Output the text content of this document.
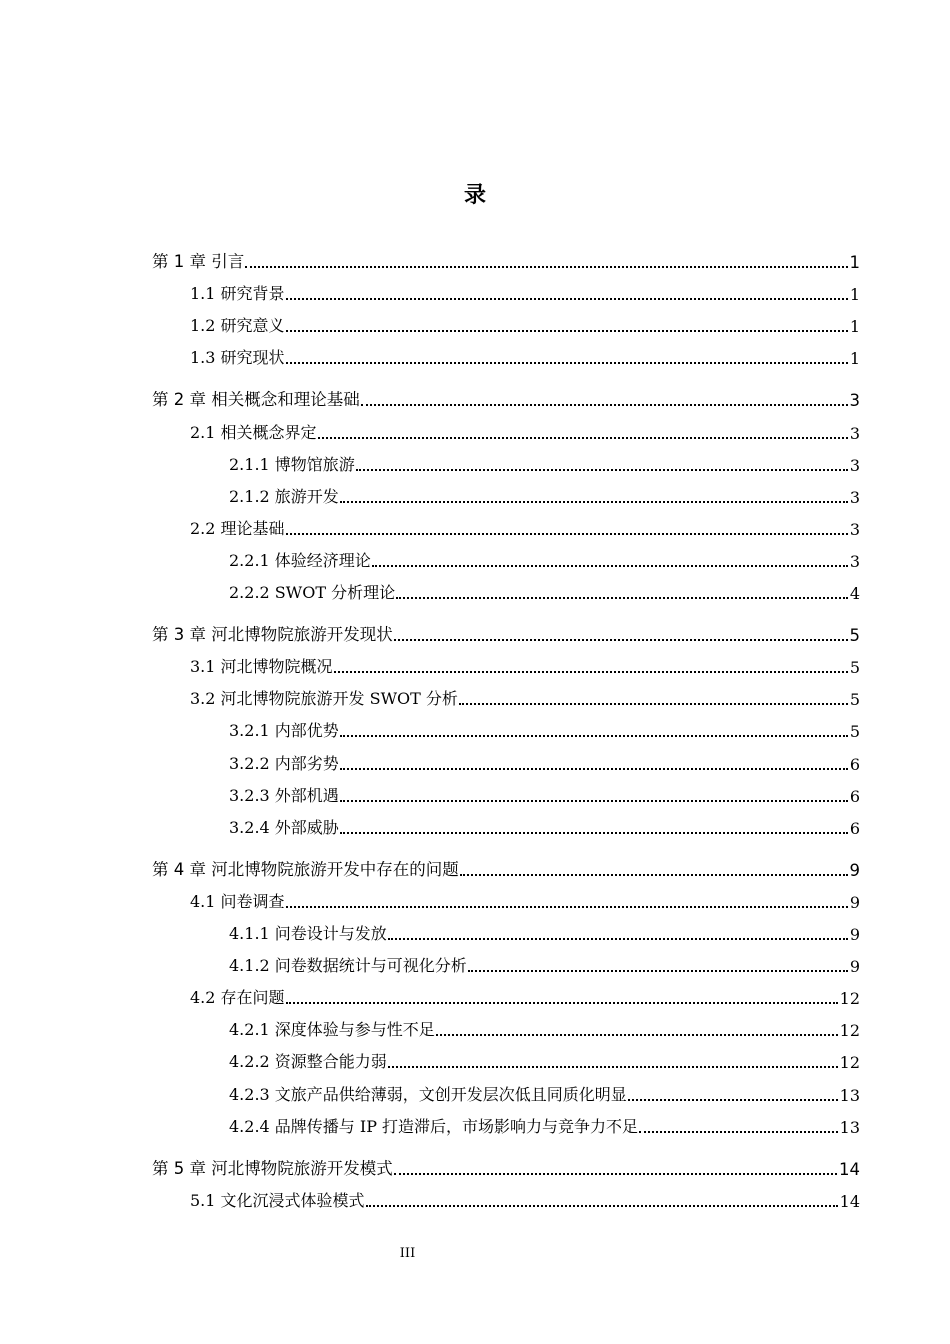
录
第 1 章 引言	1
1.1 研究背景	1
1.2 研究意义	1
1.3 研究现状	1
第 2 章 相关概念和理论基础	3
2.1 相关概念界定	3
2.1.1 博物馆旅游	3
2.1.2 旅游开发	3
2.2 理论基础	3
2.2.1 体验经济理论	3
2.2.2 SWOT 分析理论	4
第 3 章 河北博物院旅游开发现状	5
3.1 河北博物院概况	5
3.2 河北博物院旅游开发 SWOT 分析	5
3.2.1 内部优势	5
3.2.2 内部劣势	6
3.2.3 外部机遇	6
3.2.4 外部威胁	6
第 4 章 河北博物院旅游开发中存在的问题	9
4.1 问卷调查	9
4.1.1 问卷设计与发放	9
4.1.2 问卷数据统计与可视化分析	9
4.2 存在问题	12
4.2.1 深度体验与参与性不足	12
4.2.2 资源整合能力弱	12
4.2.3 文旅产品供给薄弱，文创开发层次低且同质化明显	13
4.2.4 品牌传播与 IP 打造滞后，市场影响力与竞争力不足	13
第 5 章 河北博物院旅游开发模式	14
5.1 文化沉浸式体验模式	14
III
